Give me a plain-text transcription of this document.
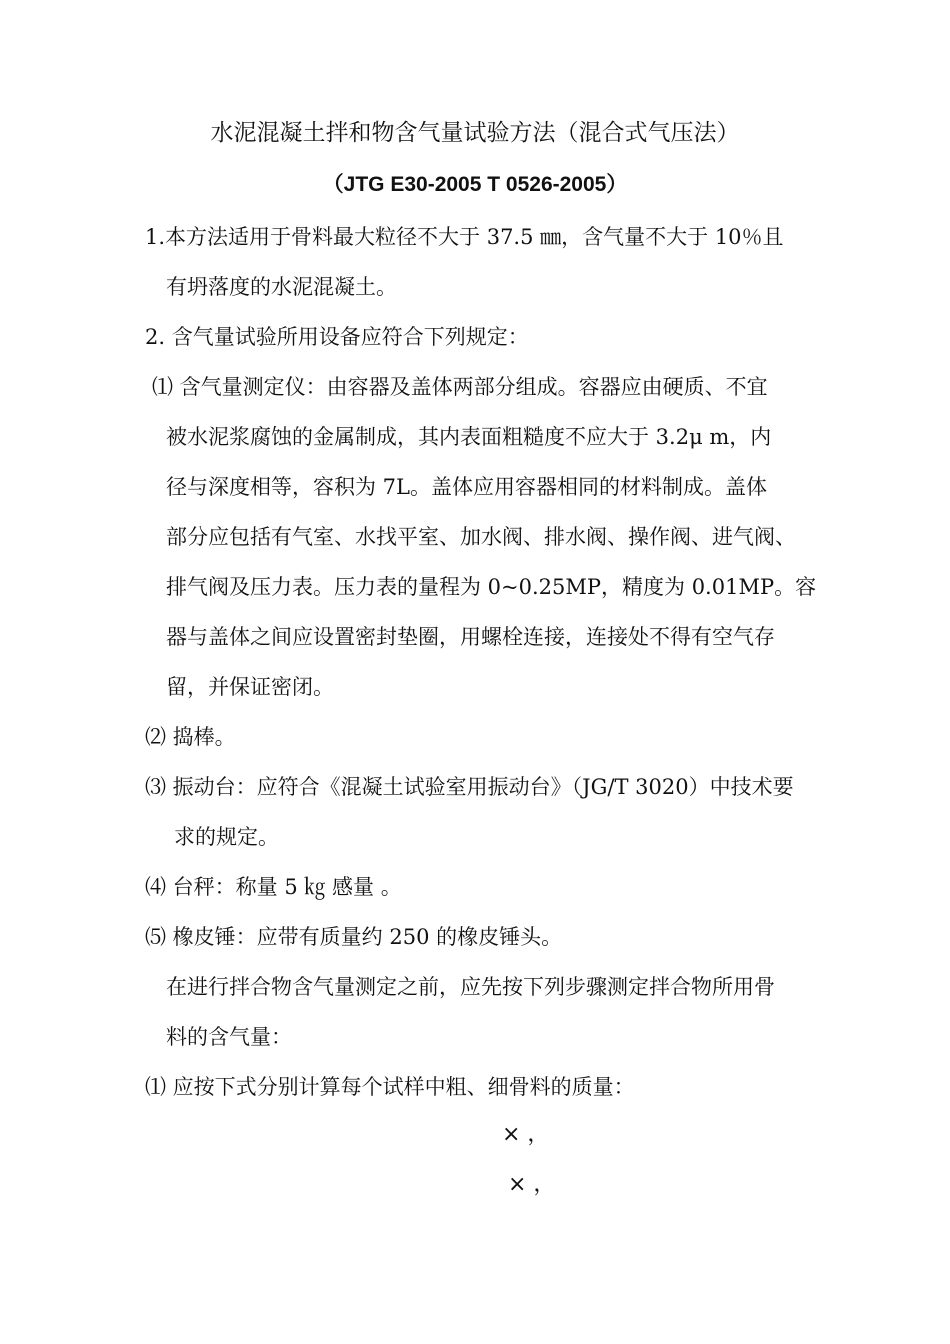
水泥混凝土拌和物含气量试验方法（混合式气压法）
（JTG E30-2005 T 0526-2005）
1.本方法适用于骨料最大粒径不大于 37.5 ㎜，含气量不大于 10％且
有坍落度的水泥混凝土。
2. 含气量试验所用设备应符合下列规定：
⑴ 含气量测定仪：由容器及盖体两部分组成。容器应由硬质、不宜
被水泥浆腐蚀的金属制成，其内表面粗糙度不应大于 3.2μ m，内
径与深度相等，容积为 7L。盖体应用容器相同的材料制成。盖体
部分应包括有气室、水找平室、加水阀、排水阀、操作阀、进气阀、
排气阀及压力表。压力表的量程为 0~0.25MP，精度为 0.01MP。容
器与盖体之间应设置密封垫圈，用螺栓连接，连接处不得有空气存
留，并保证密闭。
⑵ 捣棒。
⑶ 振动台：应符合《混凝土试验室用振动台》（JG/T 3020）中技术要
求的规定。
⑷ 台秤：称量 5 ㎏ 感量 。
⑸ 橡皮锤：应带有质量约 250 的橡皮锤头。
在进行拌合物含气量测定之前，应先按下列步骤测定拌合物所用骨
料的含气量：
⑴ 应按下式分别计算每个试样中粗、细骨料的质量：
× ，
× ，
